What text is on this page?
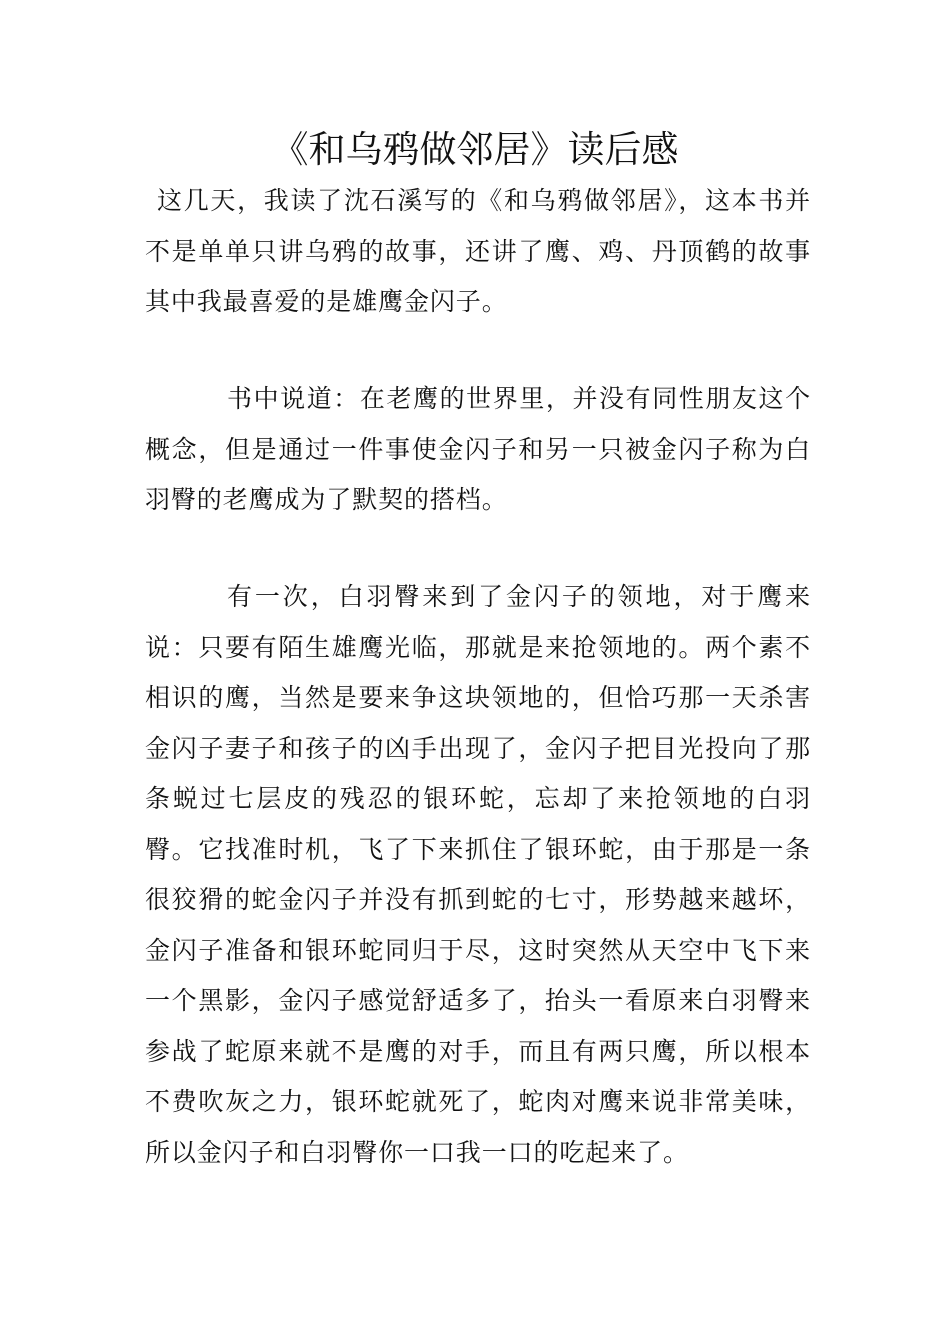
《和乌鸦做邻居》读后感

这几天，我读了沈石溪写的《和乌鸦做邻居》，这本书并不是单单只讲乌鸦的故事，还讲了鹰、鸡、丹顶鹤的故事其中我最喜爱的是雄鹰金闪子。

书中说道：在老鹰的世界里，并没有同性朋友这个概念，但是通过一件事使金闪子和另一只被金闪子称为白羽臀的老鹰成为了默契的搭档。

有一次，白羽臀来到了金闪子的领地，对于鹰来说：只要有陌生雄鹰光临，那就是来抢领地的。两个素不相识的鹰，当然是要来争这块领地的，但恰巧那一天杀害金闪子妻子和孩子的凶手出现了，金闪子把目光投向了那条蜕过七层皮的残忍的银环蛇，忘却了来抢领地的白羽臀。它找准时机，飞了下来抓住了银环蛇，由于那是一条很狡猾的蛇金闪子并没有抓到蛇的七寸，形势越来越坏，金闪子准备和银环蛇同归于尽，这时突然从天空中飞下来一个黑影，金闪子感觉舒适多了，抬头一看原来白羽臀来参战了蛇原来就不是鹰的对手，而且有两只鹰，所以根本不费吹灰之力，银环蛇就死了，蛇肉对鹰来说非常美味，所以金闪子和白羽臀你一口我一口的吃起来了。
